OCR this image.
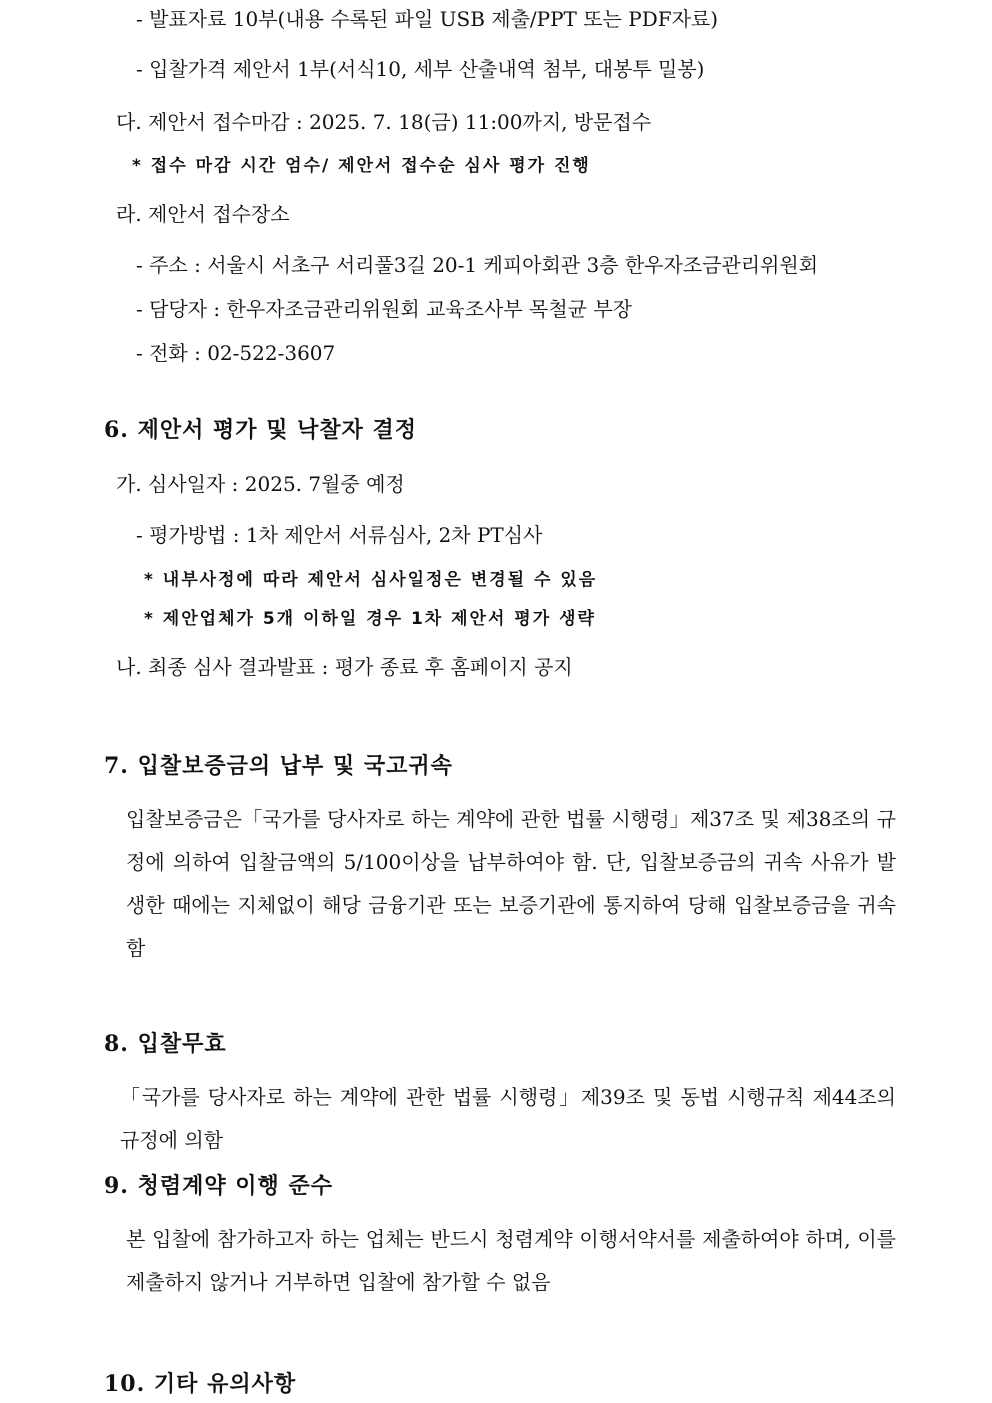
- 발표자료 10부(내용 수록된 파일 USB 제출/PPT 또는 PDF자료)
- 입찰가격 제안서 1부(서식10, 세부 산출내역 첨부, 대봉투 밀봉)
다. 제안서 접수마감 : 2025. 7. 18(금) 11:00까지, 방문접수
* 접수 마감 시간 엄수/ 제안서 접수순 심사 평가 진행
라. 제안서 접수장소
- 주소 : 서울시 서초구 서리풀3길 20-1 케피아회관 3층 한우자조금관리위원회
- 담당자 : 한우자조금관리위원회 교육조사부 목철균 부장
- 전화 : 02-522-3607
6. 제안서 평가 및 낙찰자 결정
가. 심사일자 : 2025. 7월중 예정
- 평가방법 : 1차 제안서 서류심사, 2차 PT심사
* 내부사정에 따라 제안서 심사일정은 변경될 수 있음
* 제안업체가 5개 이하일 경우 1차 제안서 평가 생략
나. 최종 심사 결과발표 : 평가 종료 후 홈페이지 공지
7. 입찰보증금의 납부 및 국고귀속
입찰보증금은「국가를 당사자로 하는 계약에 관한 법률 시행령」제37조 및 제38조의 규정에 의하여 입찰금액의 5/100이상을 납부하여야 함. 단, 입찰보증금의 귀속 사유가 발생한 때에는 지체없이 해당 금융기관 또는 보증기관에 통지하여 당해 입찰보증금을 귀속함
8. 입찰무효
「국가를 당사자로 하는 계약에 관한 법률 시행령」제39조 및 동법 시행규칙 제44조의 규정에 의함
9. 청렴계약 이행 준수
본 입찰에 참가하고자 하는 업체는 반드시 청렴계약 이행서약서를 제출하여야 하며, 이를 제출하지 않거나 거부하면 입찰에 참가할 수 없음
10. 기타 유의사항
